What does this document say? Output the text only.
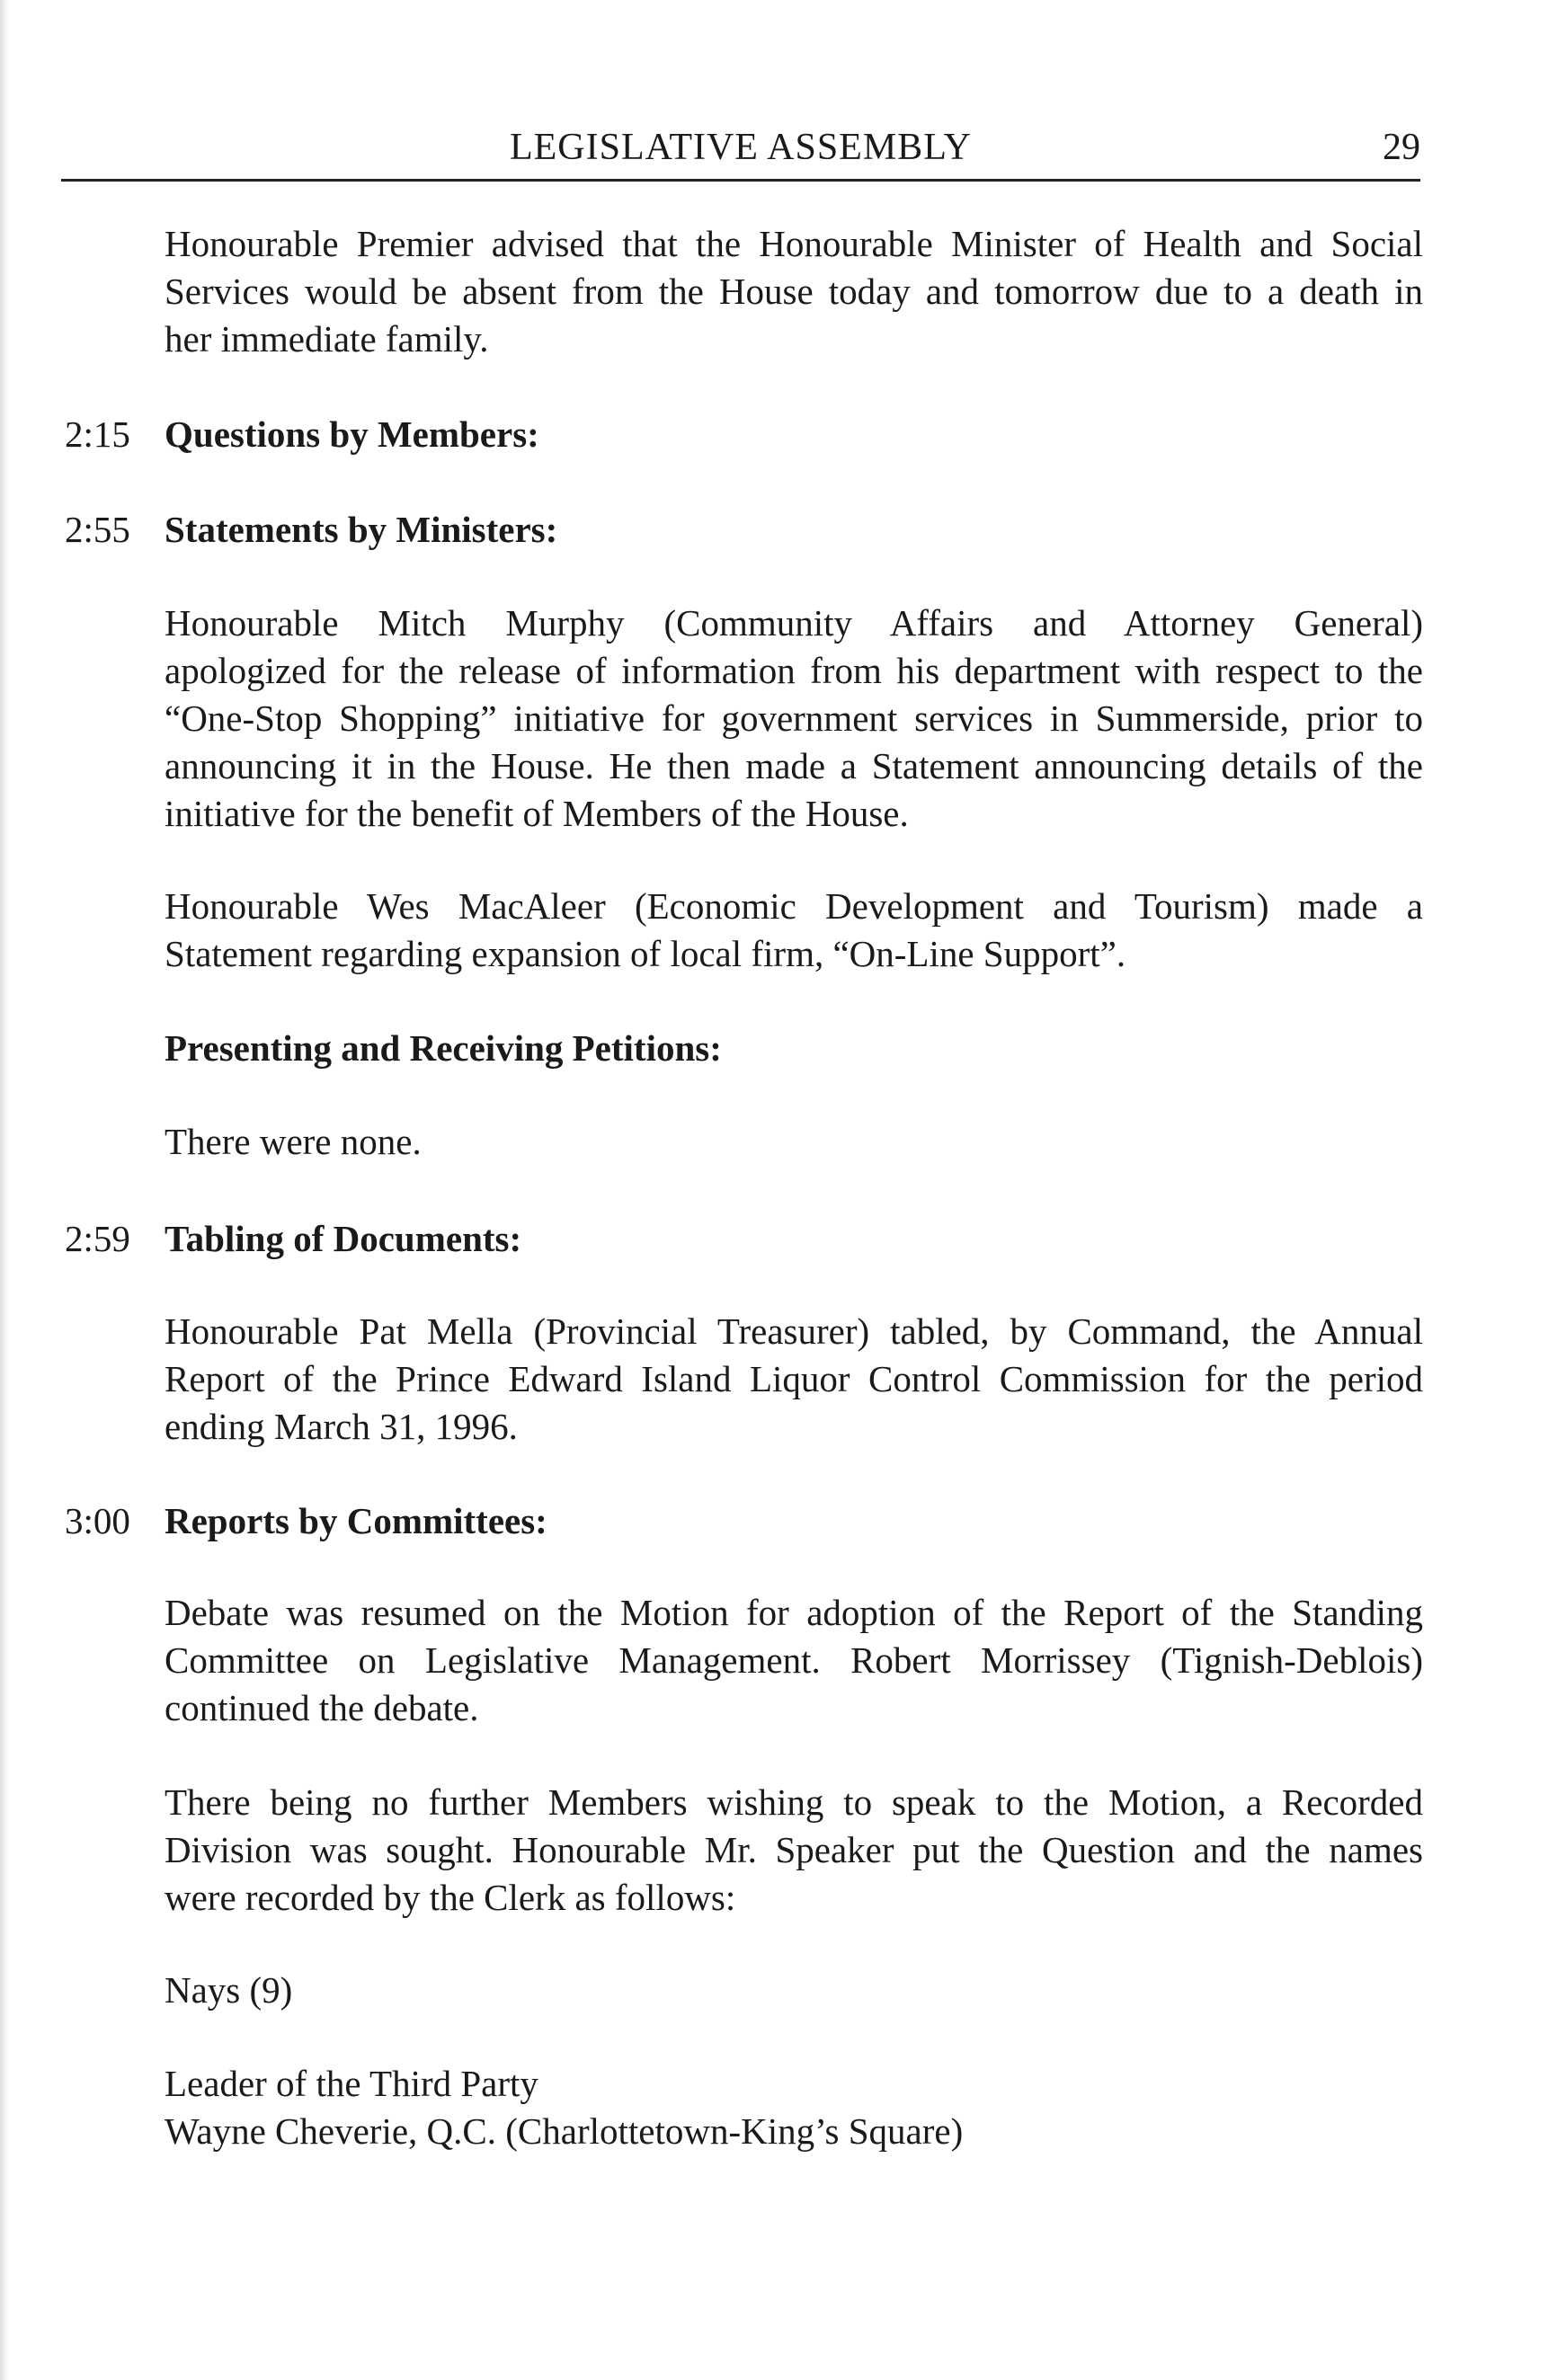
LEGISLATIVE ASSEMBLY	29
Honourable Premier advised that the Honourable Minister of Health and Social
Services would be absent from the House today and tomorrow due to a death in
her immediate family.
2:15 Questions by Members:
2:55 Statements by Ministers:
Honourable Mitch Murphy (Community Affairs and Attorney General)
apologized for the release of information from his department with respect to the
“One-Stop Shopping” initiative for government services in Summerside, prior to
announcing it in the House. He then made a Statement announcing details of the
initiative for the benefit of Members of the House.
Honourable Wes MacAleer (Economic Development and Tourism) made a
Statement regarding expansion of local firm, “On-Line Support”.
Presenting and Receiving Petitions:
There were none.
2:59 Tabling of Documents:
Honourable Pat Mella (Provincial Treasurer) tabled, by Command, the Annual
Report of the Prince Edward Island Liquor Control Commission for the period
ending March 31, 1996.
3:00 Reports by Committees:
Debate was resumed on the Motion for adoption of the Report of the Standing
Committee on Legislative Management. Robert Morrissey (Tignish-Deblois)
continued the debate.
There being no further Members wishing to speak to the Motion, a Recorded
Division was sought. Honourable Mr. Speaker put the Question and the names
were recorded by the Clerk as follows:
Nays (9)
Leader of the Third Party
Wayne Cheverie, Q.C. (Charlottetown-King’s Square)
